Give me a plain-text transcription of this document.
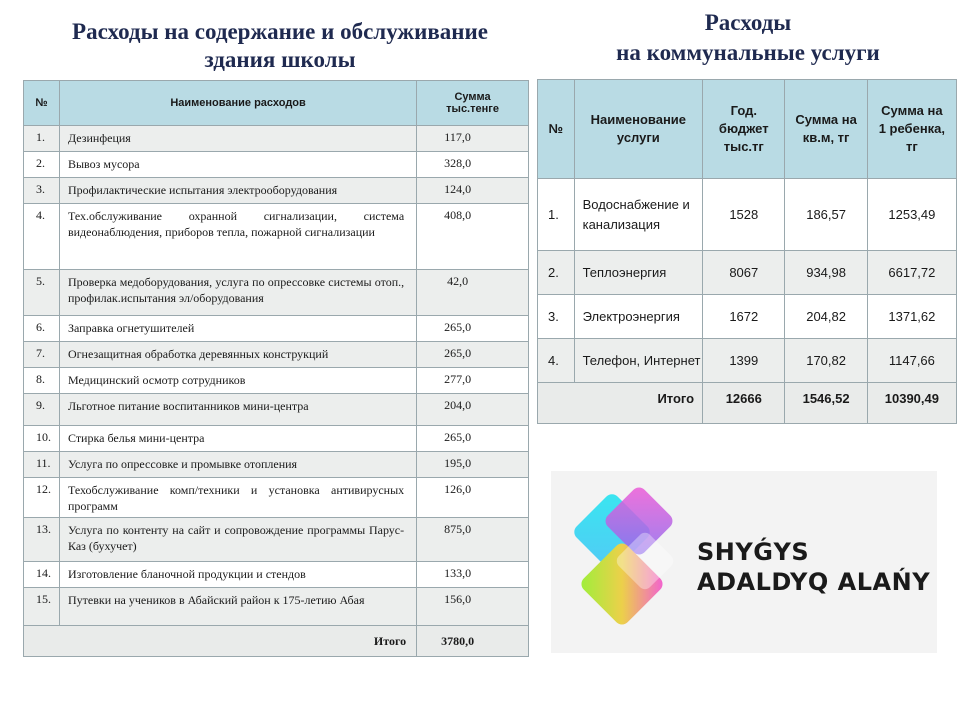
Расходы на содержание и обслуживание
здания школы
Расходы
на коммунальные услуги
№	Наименование расходов	Сумма тыс.тенге
1.	Дезинфеция	117,0
2.	Вывоз мусора	328,0
3.	Профилактические испытания электрооборудования	124,0
4.	Тех.обслуживание охранной сигнализации, система видеонаблюдения, приборов тепла, пожарной сигнализации	408,0
5.	Проверка медоборудования, услуга по опрессовке системы отоп., профилак.испытания эл/оборудования	42,0
6.	Заправка огнетушителей	265,0
7.	Огнезащитная обработка деревянных конструкций	265,0
8.	Медицинский осмотр сотрудников	277,0
9.	Льготное питание воспитанников мини-центра	204,0
10.	Стирка белья мини-центра	265,0
11.	Услуга по опрессовке и промывке отопления	195,0
12.	Техобслуживание комп/техники и установка антивирусных программ	126,0
13.	Услуга по контенту на сайт и сопровождение программы Парус-Каз (бухучет)	875,0
14.	Изготовление бланочной продукции и стендов	133,0
15.	Путевки на учеников в Абайский район к 175-летию Абая	156,0
Итого		3780,0
№	Наименование услуги	Год. бюджет тыс.тг	Сумма на кв.м, тг	Сумма на 1 ребенка, тг
1.	Водоснабжение и канализация	1528	186,57	1253,49
2.	Теплоэнергия	8067	934,98	6617,72
3.	Электроэнергия	1672	204,82	1371,62
4.	Телефон, Интернет	1399	170,82	1147,66
Итого		12666	1546,52	10390,49
SHYǴYS
ADALDYQ ALAŃY
